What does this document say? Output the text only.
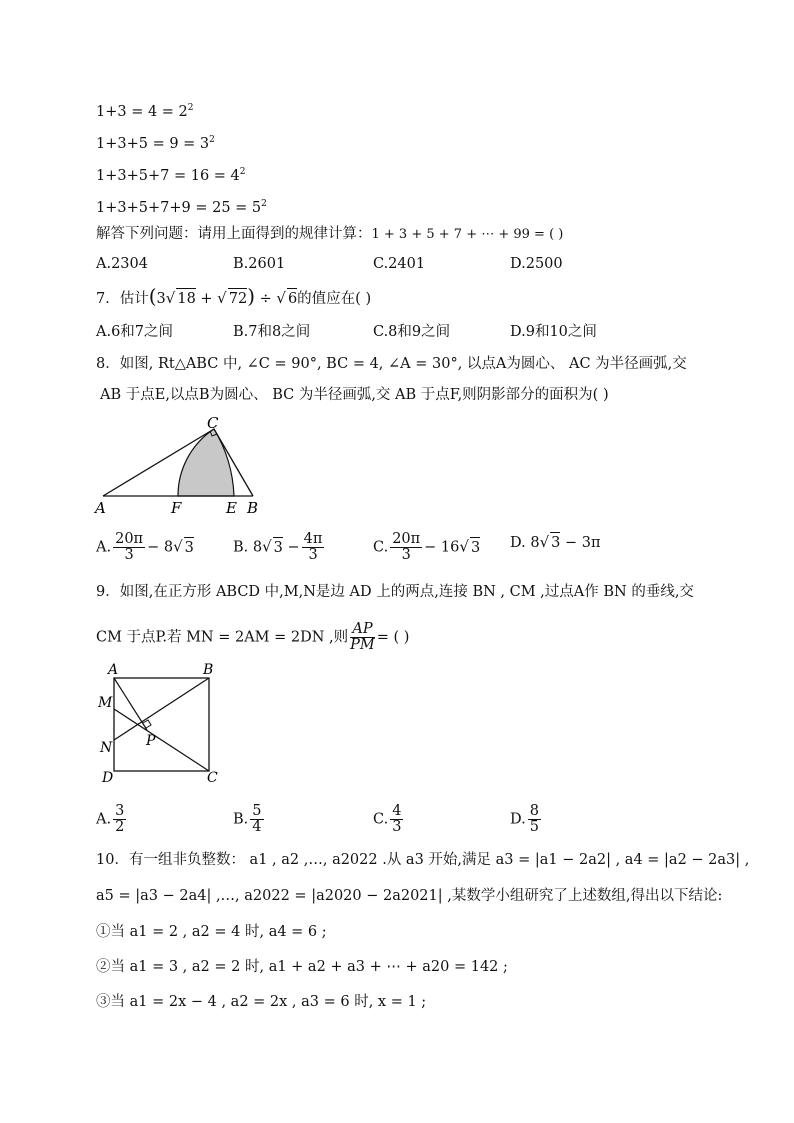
$1+3 = 4 = 2^2$
$1+3+5 = 9 = 3^2$
$1+3+5+7 = 16 = 4^2$
$1+3+5+7+9 = 25 = 5^2$
解答下列问题：请用上面得到的规律计算：1 + 3 + 5 + 7 + ⋯ + 99 = ( )
A.2304	B.2601	C.2401	D.2500
7．估计(3√ 18 + √ 72) ÷ √ 6的值应在( )
A.6和7之间	B.7和8之间	C.8和9之间	D.9和10之间
8．如图, Rt△ABC 中, ∠C = 90°, BC = 4, ∠A = 30°, 以点A为圆心、 AC 为半径画弧,交
AB 于点E,以点B为圆心、 BC 为半径画弧,交 AB 于点F,则阴影部分的面积为( )
A	F	E B
C
A. $\frac{20\pi}{3} - 8√$ 3	B. 8√ $3 - \frac{4\pi}{3}$	C. $\frac{20\pi}{3} - 16√$ 3 D. 8√ 3 − 3π
9．如图,在正方形 ABCD 中,M,N是边 AD 上的两点,连接 BN , CM ,过点A作 BN 的垂线,交
CM 于点P.若 MN = 2AM = 2DN ,则 $\frac{AP}{PM}$ = ( )
A	B
M
N P
D	C
A. $\frac{3}{2}$	B. $\frac{5}{4}$	C. $\frac{4}{3}$	D. $\frac{8}{5}$
10．有一组非负整数： a1 , a2 ,…, a2022 .从 a3 开始,满足 a3 = |a1 − 2a2| , a4 = |a2 − 2a3| ,
a5 = |a3 − 2a4| ,…, a2022 = |a2020 − 2a2021| ,某数学小组研究了上述数组,得出以下结论:
①当 a1 = 2 , a2 = 4 时, a4 = 6 ;
②当 a1 = 3 , a2 = 2 时, a1 + a2 + a3 + ⋯ + a20 = 142 ;
③当 a1 = 2x − 4 , a2 = 2x , a3 = 6 时, x = 1 ;
